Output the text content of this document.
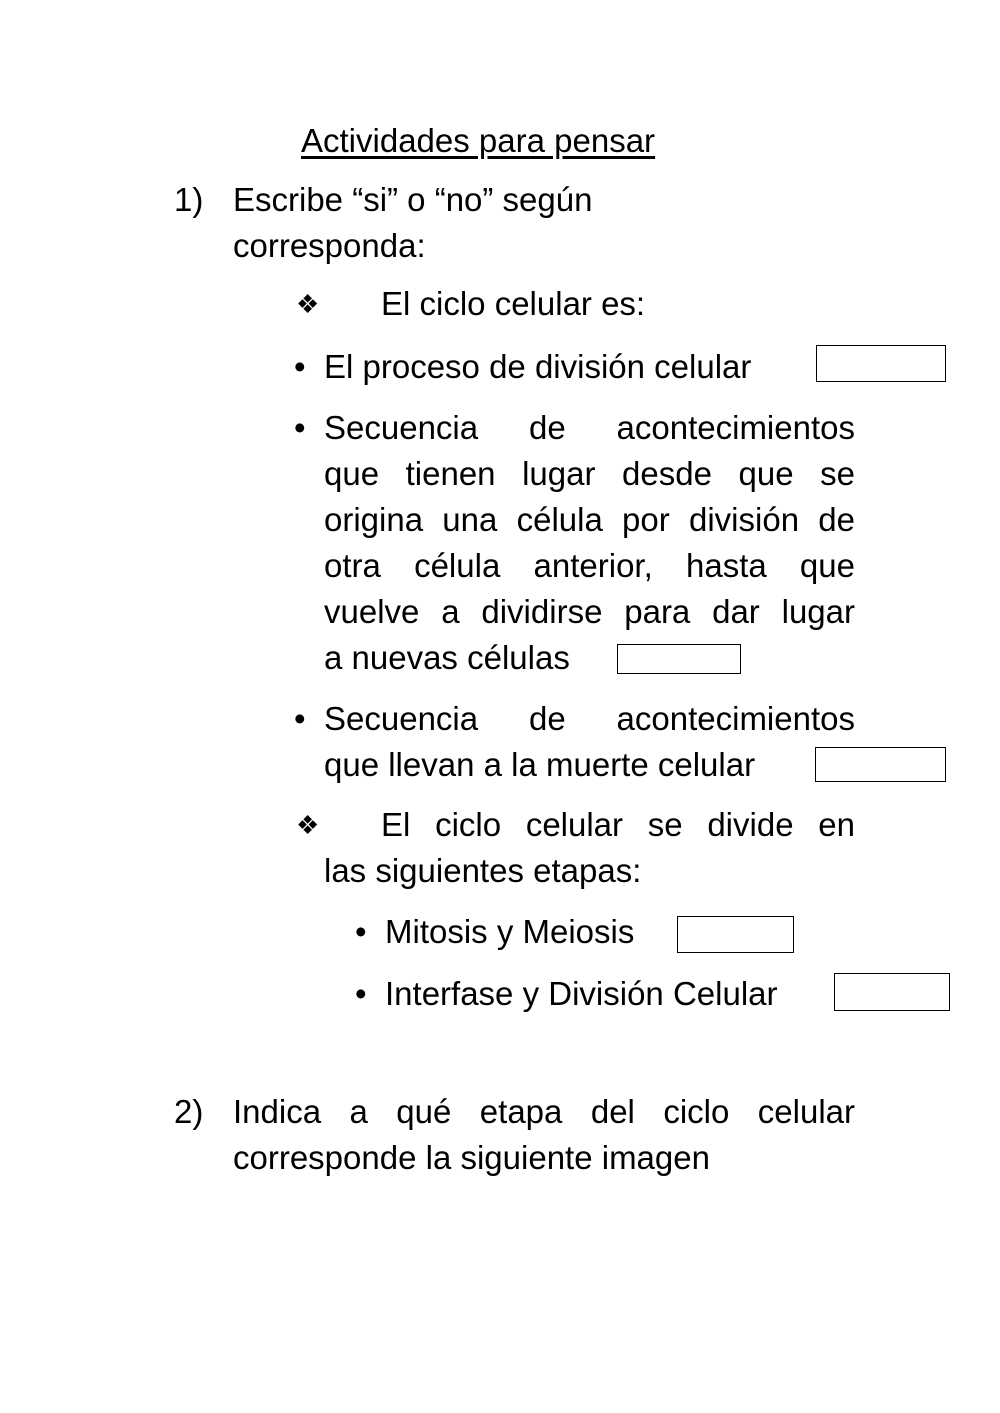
Actividades para pensar
1) Escribe “si” o “no” según
corresponda:
❖ El ciclo celular es:
• El proceso de división celular
• Secuencia de acontecimientos
que tienen lugar desde que se
origina una célula por división de
otra célula anterior, hasta que
vuelve a dividirse para dar lugar
a nuevas células
• Secuencia de acontecimientos
que llevan a la muerte celular
❖ El ciclo celular se divide en
las siguientes etapas:
• Mitosis y Meiosis
• Interfase y División Celular
2) Indica a qué etapa del ciclo celular
corresponde la siguiente imagen
